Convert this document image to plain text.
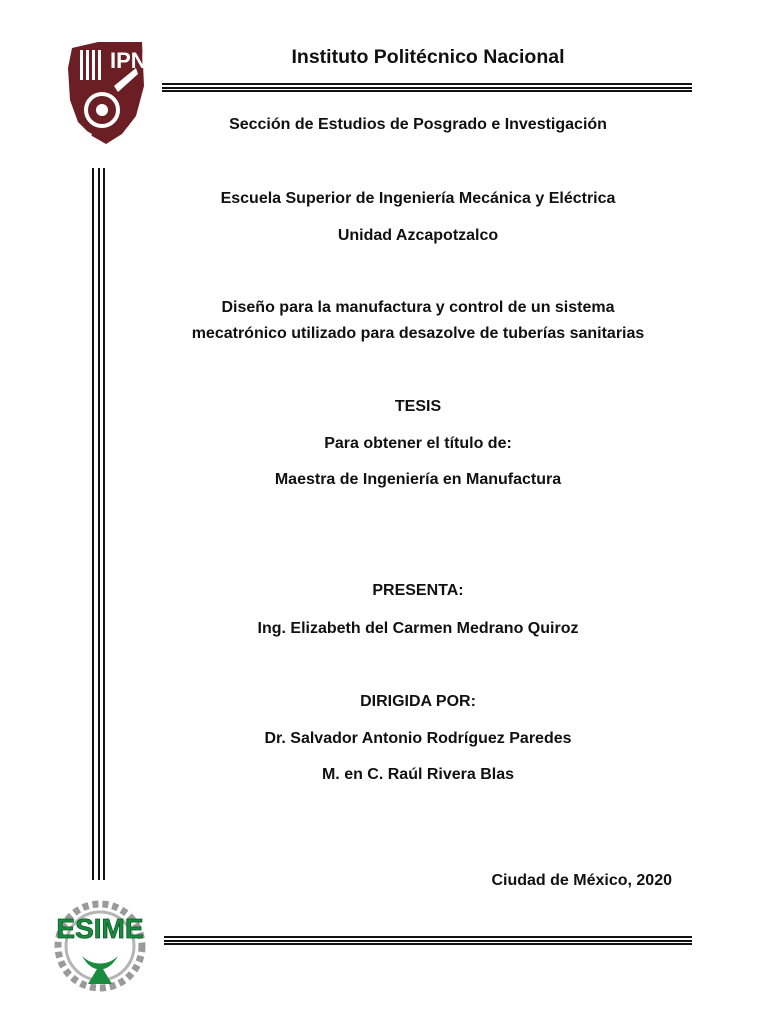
IPN	Instituto Politécnico Nacional
Sección de Estudios de Posgrado e Investigación
Escuela Superior de Ingeniería Mecánica y Eléctrica
Unidad Azcapotzalco
Diseño para la manufactura y control de un sistema
mecatrónico utilizado para desazolve de tuberías sanitarias
TESIS
Para obtener el título de:
Maestra de Ingeniería en Manufactura
PRESENTA:
Ing. Elizabeth del Carmen Medrano Quiroz
DIRIGIDA POR:
Dr. Salvador Antonio Rodríguez Paredes
M. en C. Raúl Rivera Blas
Ciudad de México, 2020
ESIME
